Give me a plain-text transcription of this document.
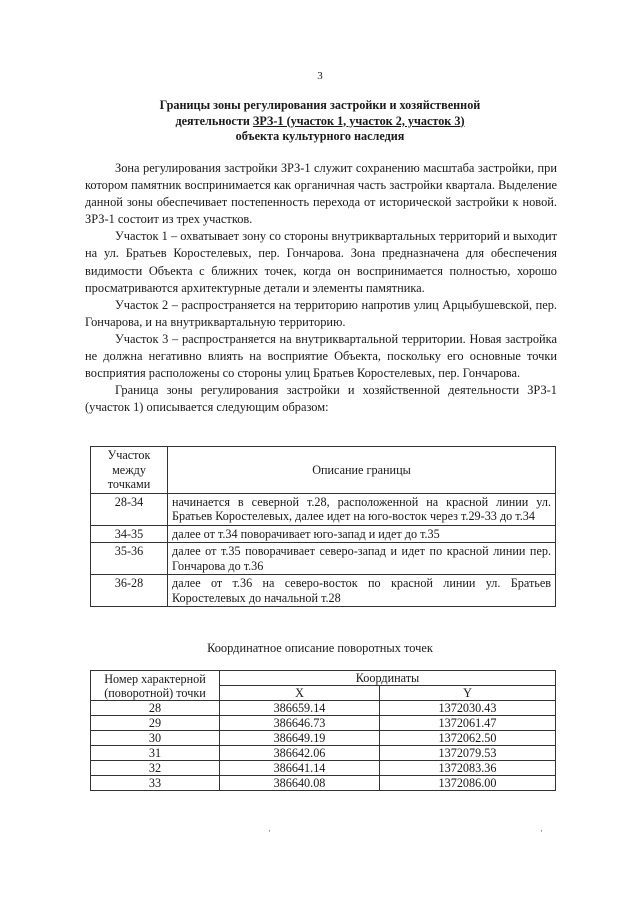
3
Границы зоны регулирования застройки и хозяйственной
деятельности ЗРЗ-1 (участок 1, участок 2, участок 3)
объекта культурного наследия

Зона регулирования застройки ЗРЗ-1 служит сохранению масштаба застройки, при котором памятник воспринимается как органичная часть застройки квартала. Выделение данной зоны обеспечивает постепенность перехода от исторической застройки к новой. ЗРЗ-1 состоит из трех участков.

Участок 1 – охватывает зону со стороны внутриквартальных территорий и выходит на ул. Братьев Коростелевых, пер. Гончарова. Зона предназначена для обеспечения видимости Объекта с ближних точек, когда он воспринимается полностью, хорошо просматриваются архитектурные детали и элементы памятника.

Участок 2 – распространяется на территорию напротив улиц Арцыбушевской, пер. Гончарова, и на внутриквартальную территорию.

Участок 3 – распространяется на внутриквартальной территории. Новая застройка не должна негативно влиять на восприятие Объекта, поскольку его основные точки восприятия расположены со стороны улиц Братьев Коростелевых, пер. Гончарова.

Граница зоны регулирования застройки и хозяйственной деятельности ЗРЗ-1 (участок 1) описывается следующим образом:

Участок между точками	Описание границы
28-34	начинается в северной т.28, расположенной на красной линии ул. Братьев Коростелевых, далее идет на юго-восток через т.29-33 до т.34
34-35	далее от т.34 поворачивает юго-запад и идет до т.35
35-36	далее от т.35 поворачивает северо-запад и идет по красной линии пер. Гончарова до т.36
36-28	далее от т.36 на северо-восток по красной линии ул. Братьев Коростелевых до начальной т.28
Координатное описание поворотных точек
Номер характерной (поворотной) точки	Координаты	
	X	Y
28	386659.14	1372030.43
29	386646.73	1372061.47
30	386649.19	1372062.50
31	386642.06	1372079.53
32	386641.14	1372083.36
33	386640.08	1372086.00
·	·
